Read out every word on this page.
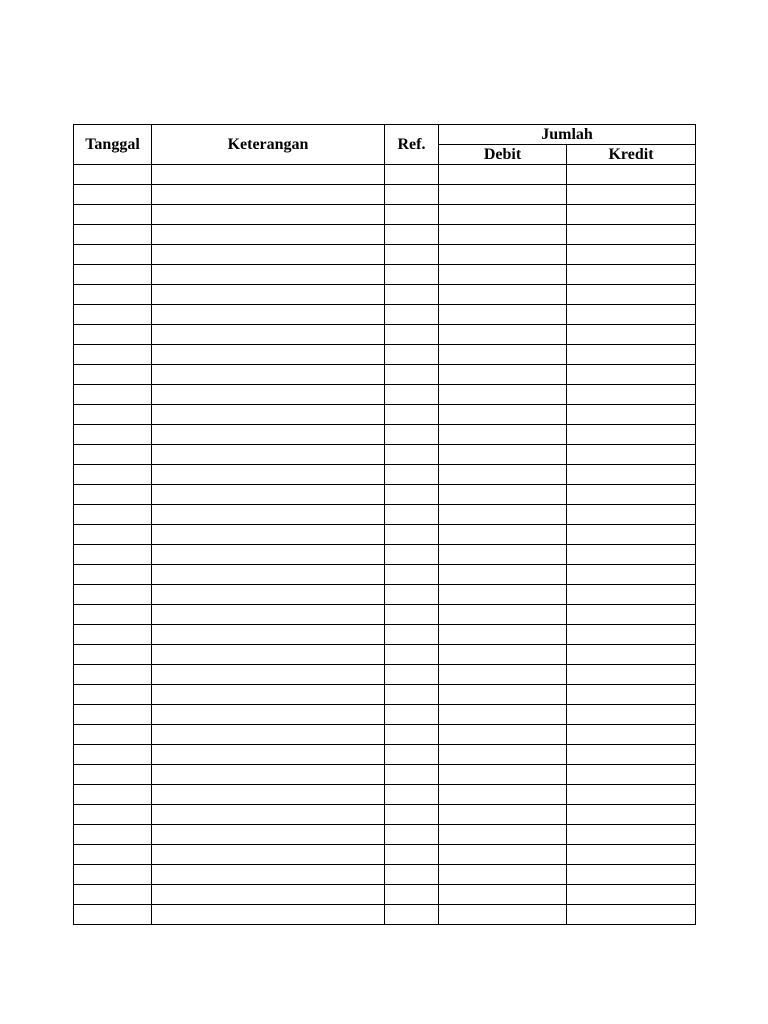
Tanggal	Keterangan	Ref.	Jumlah	
			Debit	Kredit
